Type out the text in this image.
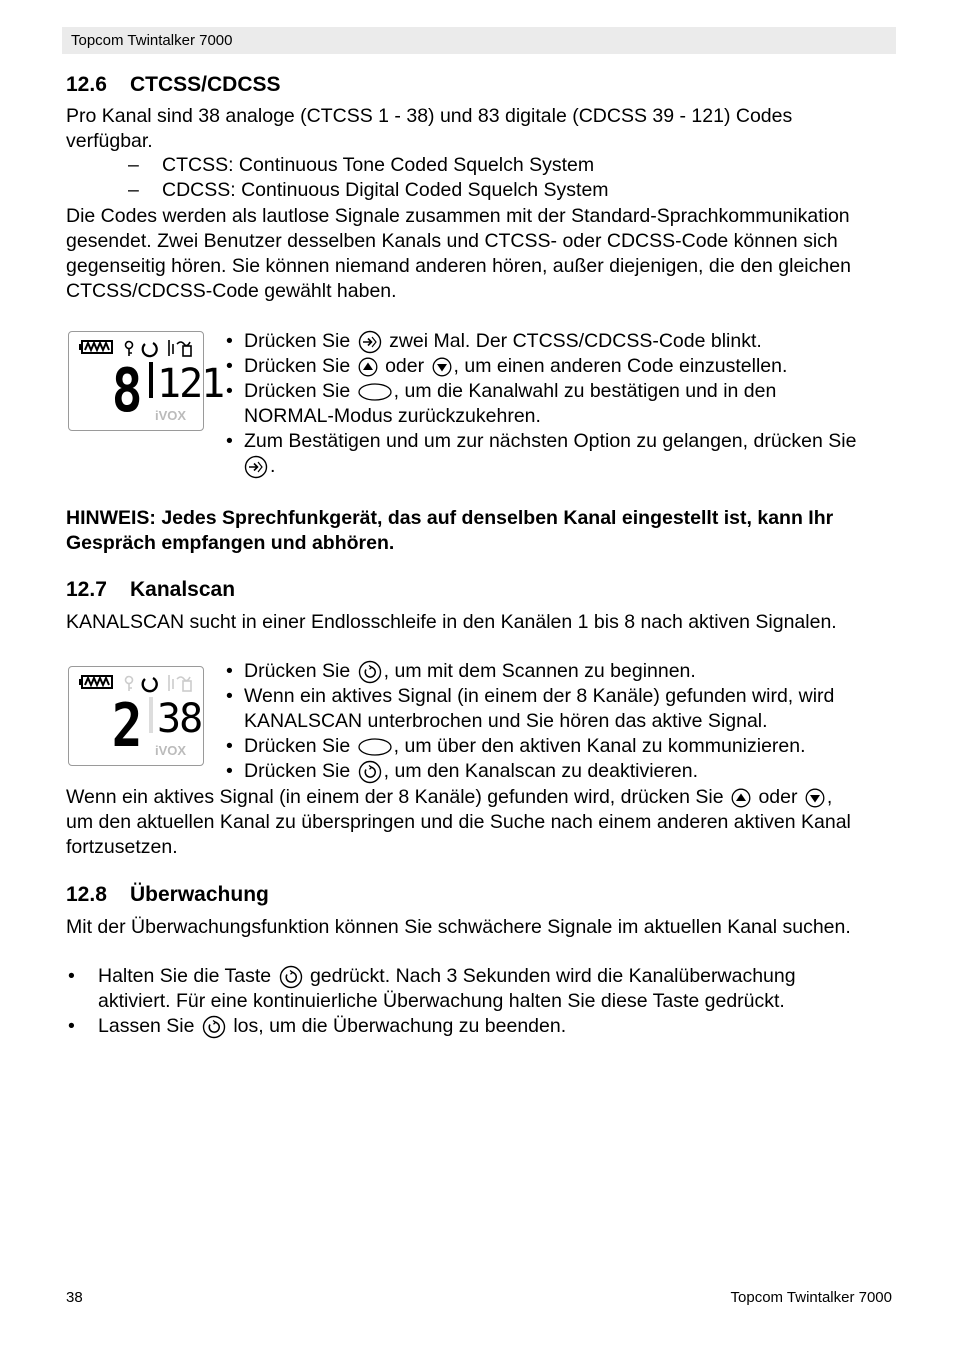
Topcom Twintalker 7000
12.6 CTCSS/CDCSS
Pro Kanal sind 38 analoge (CTCSS 1 - 38) und 83 digitale (CDCSS 39 - 121) Codes
verfügbar.
– CTCSS: Continuous Tone Coded Squelch System
– CDCSS: Continuous Digital Coded Squelch System
Die Codes werden als lautlose Signale zusammen mit der Standard-Sprachkommunikation
gesendet. Zwei Benutzer desselben Kanals und CTCSS- oder CDCSS-Code können sich
gegenseitig hören. Sie können niemand anderen hören, außer diejenigen, die den gleichen
CTCSS/CDCSS-Code gewählt haben.
8 121
iVOX
• Drücken Sie zwei Mal. Der CTCSS/CDCSS-Code blinkt.
• Drücken Sie oder , um einen anderen Code einzustellen.
• Drücken Sie , um die Kanalwahl zu bestätigen und in den
NORMAL-Modus zurückzukehren.
• Zum Bestätigen und um zur nächsten Option zu gelangen, drücken Sie
.
HINWEIS: Jedes Sprechfunkgerät, das auf denselben Kanal eingestellt ist, kann Ihr
Gespräch empfangen und abhören.
12.7 Kanalscan
KANALSCAN sucht in einer Endlosschleife in den Kanälen 1 bis 8 nach aktiven Signalen.
2 38
iVOX
• Drücken Sie , um mit dem Scannen zu beginnen.
• Wenn ein aktives Signal (in einem der 8 Kanäle) gefunden wird, wird
KANALSCAN unterbrochen und Sie hören das aktive Signal.
• Drücken Sie , um über den aktiven Kanal zu kommunizieren.
• Drücken Sie , um den Kanalscan zu deaktivieren.
Wenn ein aktives Signal (in einem der 8 Kanäle) gefunden wird, drücken Sie oder ,
um den aktuellen Kanal zu überspringen und die Suche nach einem anderen aktiven Kanal
fortzusetzen.
12.8 Überwachung
Mit der Überwachungsfunktion können Sie schwächere Signale im aktuellen Kanal suchen.
• Halten Sie die Taste gedrückt. Nach 3 Sekunden wird die Kanalüberwachung
aktiviert. Für eine kontinuierliche Überwachung halten Sie diese Taste gedrückt.
• Lassen Sie los, um die Überwachung zu beenden.
38	Topcom Twintalker 7000
